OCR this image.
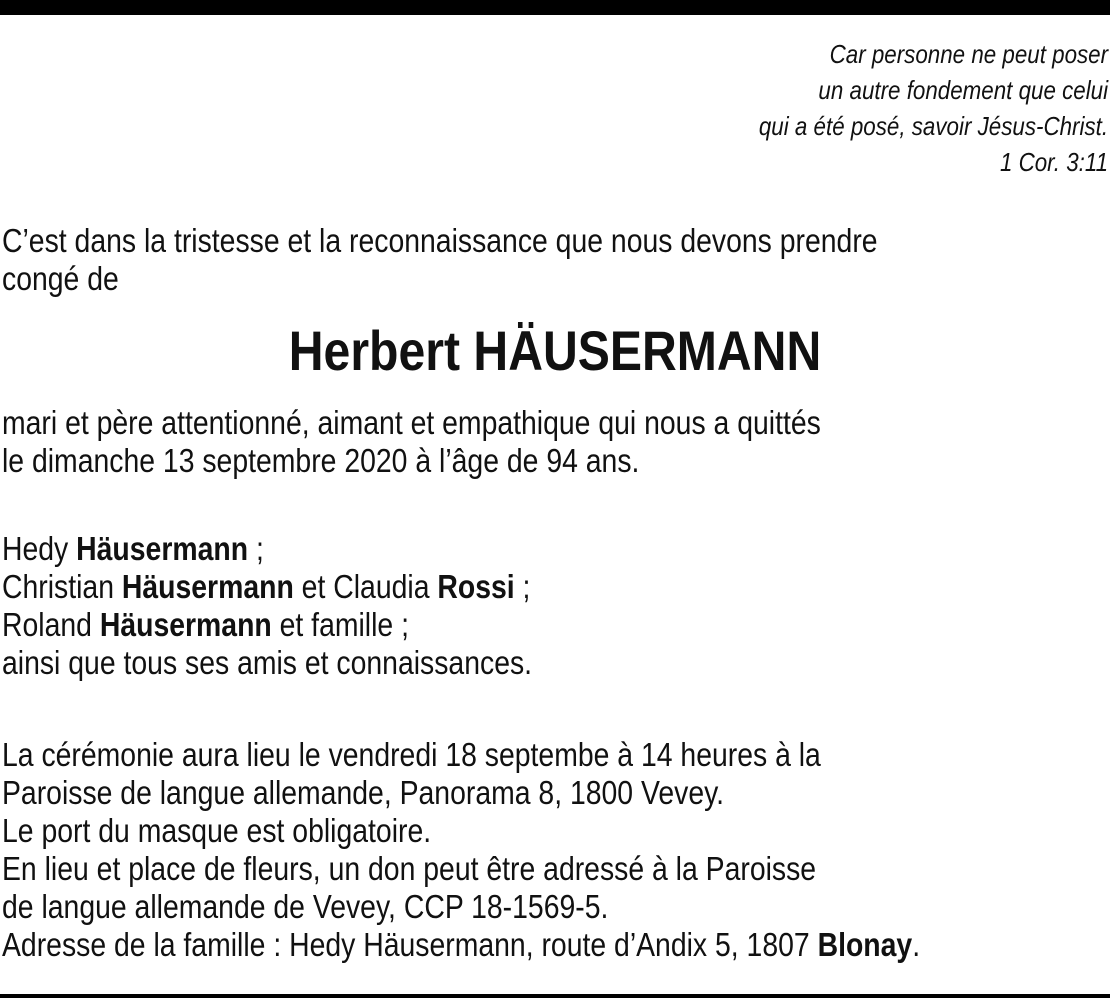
Car personne ne peut poser
un autre fondement que celui
qui a été posé, savoir Jésus-Christ.
1 Cor. 3:11
C’est dans la tristesse et la reconnaissance que nous devons prendre
congé de
Herbert HÄUSERMANN
mari et père attentionné, aimant et empathique qui nous a quittés
le dimanche 13 septembre 2020 à l’âge de 94 ans.
Hedy Häusermann ;
Christian Häusermann et Claudia Rossi ;
Roland Häusermann et famille ;
ainsi que tous ses amis et connaissances.
La cérémonie aura lieu le vendredi 18 septembe à 14 heures à la
Paroisse de langue allemande, Panorama 8, 1800 Vevey.
Le port du masque est obligatoire.
En lieu et place de fleurs, un don peut être adressé à la Paroisse
de langue allemande de Vevey, CCP 18-1569-5.
Adresse de la famille : Hedy Häusermann, route d’Andix 5, 1807 Blonay.
